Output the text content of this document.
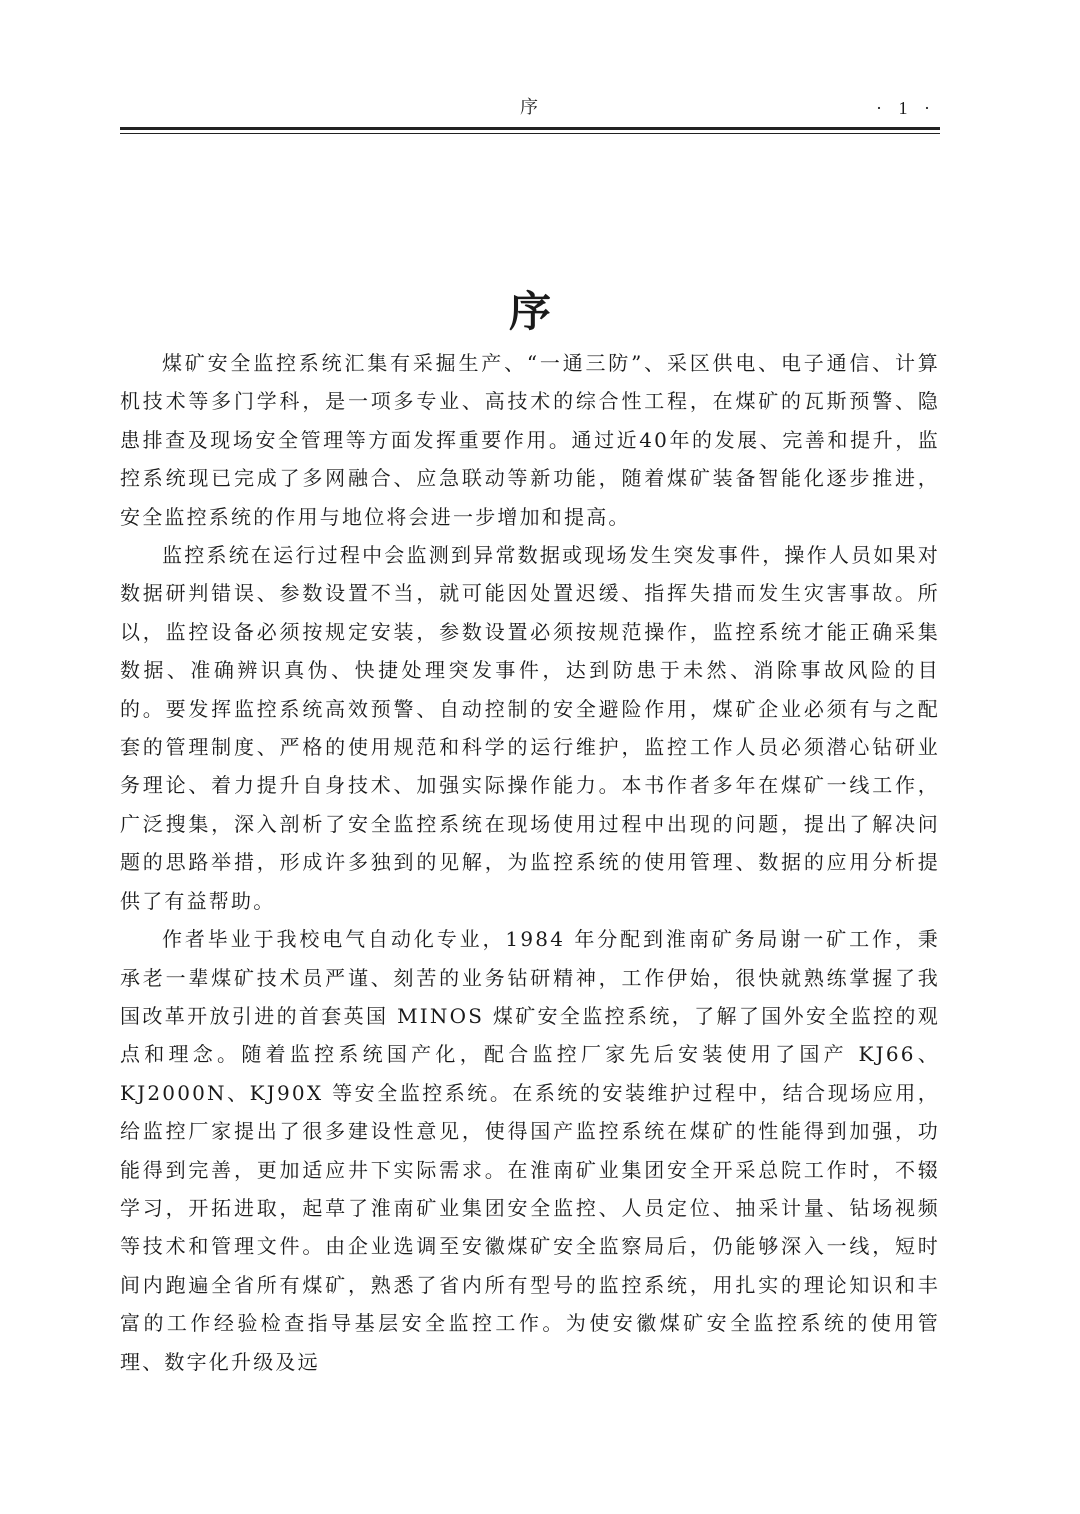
序	· 1 ·
序

煤矿安全监控系统汇集有采掘生产、“一通三防”、采区供电、电子通信、计算机技术等多门学科，是一项多专业、高技术的综合性工程，在煤矿的瓦斯预警、隐患排查及现场安全管理等方面发挥重要作用。通过近40年的发展、完善和提升，监控系统现已完成了多网融合、应急联动等新功能，随着煤矿装备智能化逐步推进，安全监控系统的作用与地位将会进一步增加和提高。

监控系统在运行过程中会监测到异常数据或现场发生突发事件，操作人员如果对数据研判错误、参数设置不当，就可能因处置迟缓、指挥失措而发生灾害事故。所以，监控设备必须按规定安装，参数设置必须按规范操作，监控系统才能正确采集数据、准确辨识真伪、快捷处理突发事件，达到防患于未然、消除事故风险的目的。要发挥监控系统高效预警、自动控制的安全避险作用，煤矿企业必须有与之配套的管理制度、严格的使用规范和科学的运行维护，监控工作人员必须潜心钻研业务理论、着力提升自身技术、加强实际操作能力。本书作者多年在煤矿一线工作，广泛搜集，深入剖析了安全监控系统在现场使用过程中出现的问题，提出了解决问题的思路举措，形成许多独到的见解，为监控系统的使用管理、数据的应用分析提供了有益帮助。

作者毕业于我校电气自动化专业，1984 年分配到淮南矿务局谢一矿工作，秉承老一辈煤矿技术员严谨、刻苦的业务钻研精神，工作伊始，很快就熟练掌握了我国改革开放引进的首套英国 MINOS 煤矿安全监控系统，了解了国外安全监控的观点和理念。随着监控系统国产化，配合监控厂家先后安装使用了国产 KJ66、KJ2000N、KJ90X 等安全监控系统。在系统的安装维护过程中，结合现场应用，给监控厂家提出了很多建设性意见，使得国产监控系统在煤矿的性能得到加强，功能得到完善，更加适应井下实际需求。在淮南矿业集团安全开采总院工作时，不辍学习，开拓进取，起草了淮南矿业集团安全监控、人员定位、抽采计量、钻场视频等技术和管理文件。由企业选调至安徽煤矿安全监察局后，仍能够深入一线，短时间内跑遍全省所有煤矿，熟悉了省内所有型号的监控系统，用扎实的理论知识和丰富的工作经验检查指导基层安全监控工作。为使安徽煤矿安全监控系统的使用管理、数字化升级及远
